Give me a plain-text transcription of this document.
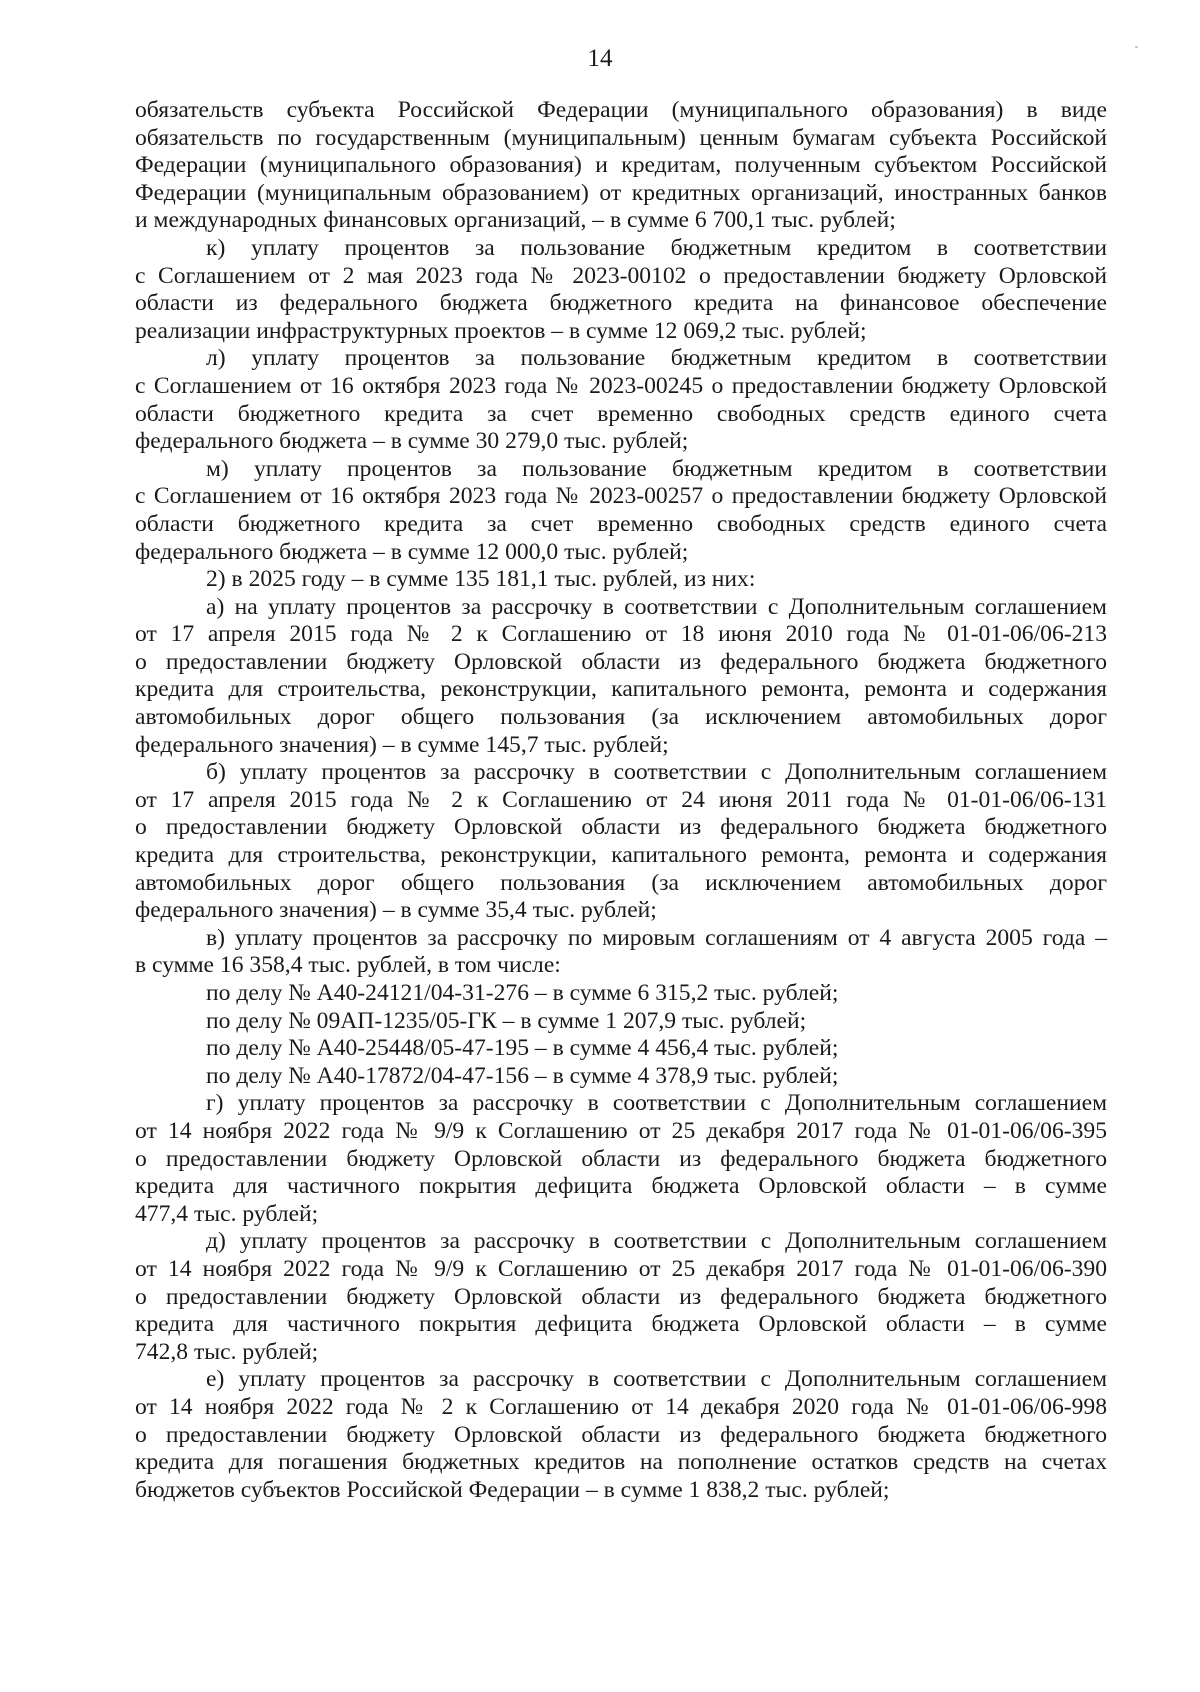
14

обязательств субъекта Российской Федерации (муниципального образования) в виде
обязательств по государственным (муниципальным) ценным бумагам субъекта Российской
Федерации (муниципального образования) и кредитам, полученным субъектом Российской
Федерации (муниципальным образованием) от кредитных организаций, иностранных банков
и международных финансовых организаций, – в сумме 6 700,1 тыс. рублей;

к) уплату процентов за пользование бюджетным кредитом в соответствии
с Соглашением от 2 мая 2023 года № 2023-00102 о предоставлении бюджету Орловской
области из федерального бюджета бюджетного кредита на финансовое обеспечение
реализации инфраструктурных проектов – в сумме 12 069,2 тыс. рублей;

л) уплату процентов за пользование бюджетным кредитом в соответствии
с Соглашением от 16 октября 2023 года № 2023-00245 о предоставлении бюджету Орловской
области бюджетного кредита за счет временно свободных средств единого счета
федерального бюджета – в сумме 30 279,0 тыс. рублей;

м) уплату процентов за пользование бюджетным кредитом в соответствии
с Соглашением от 16 октября 2023 года № 2023-00257 о предоставлении бюджету Орловской
области бюджетного кредита за счет временно свободных средств единого счета
федерального бюджета – в сумме 12 000,0 тыс. рублей;

2) в 2025 году – в сумме 135 181,1 тыс. рублей, из них:

а) на уплату процентов за рассрочку в соответствии с Дополнительным соглашением
от 17 апреля 2015 года № 2 к Соглашению от 18 июня 2010 года № 01-01-06/06-213
о предоставлении бюджету Орловской области из федерального бюджета бюджетного
кредита для строительства, реконструкции, капитального ремонта, ремонта и содержания
автомобильных дорог общего пользования (за исключением автомобильных дорог
федерального значения) – в сумме 145,7 тыс. рублей;

б) уплату процентов за рассрочку в соответствии с Дополнительным соглашением
от 17 апреля 2015 года № 2 к Соглашению от 24 июня 2011 года № 01-01-06/06-131
о предоставлении бюджету Орловской области из федерального бюджета бюджетного
кредита для строительства, реконструкции, капитального ремонта, ремонта и содержания
автомобильных дорог общего пользования (за исключением автомобильных дорог
федерального значения) – в сумме 35,4 тыс. рублей;

в) уплату процентов за рассрочку по мировым соглашениям от 4 августа 2005 года –
в сумме 16 358,4 тыс. рублей, в том числе:

по делу № А40-24121/04-31-276 – в сумме 6 315,2 тыс. рублей;

по делу № 09АП-1235/05-ГК – в сумме 1 207,9 тыс. рублей;

по делу № А40-25448/05-47-195 – в сумме 4 456,4 тыс. рублей;

по делу № А40-17872/04-47-156 – в сумме 4 378,9 тыс. рублей;

г) уплату процентов за рассрочку в соответствии с Дополнительным соглашением
от 14 ноября 2022 года № 9/9 к Соглашению от 25 декабря 2017 года № 01-01-06/06-395
о предоставлении бюджету Орловской области из федерального бюджета бюджетного
кредита для частичного покрытия дефицита бюджета Орловской области – в сумме
477,4 тыс. рублей;

д) уплату процентов за рассрочку в соответствии с Дополнительным соглашением
от 14 ноября 2022 года № 9/9 к Соглашению от 25 декабря 2017 года № 01-01-06/06-390
о предоставлении бюджету Орловской области из федерального бюджета бюджетного
кредита для частичного покрытия дефицита бюджета Орловской области – в сумме
742,8 тыс. рублей;

е) уплату процентов за рассрочку в соответствии с Дополнительным соглашением
от 14 ноября 2022 года № 2 к Соглашению от 14 декабря 2020 года № 01-01-06/06-998
о предоставлении бюджету Орловской области из федерального бюджета бюджетного
кредита для погашения бюджетных кредитов на пополнение остатков средств на счетах
бюджетов субъектов Российской Федерации – в сумме 1 838,2 тыс. рублей;
